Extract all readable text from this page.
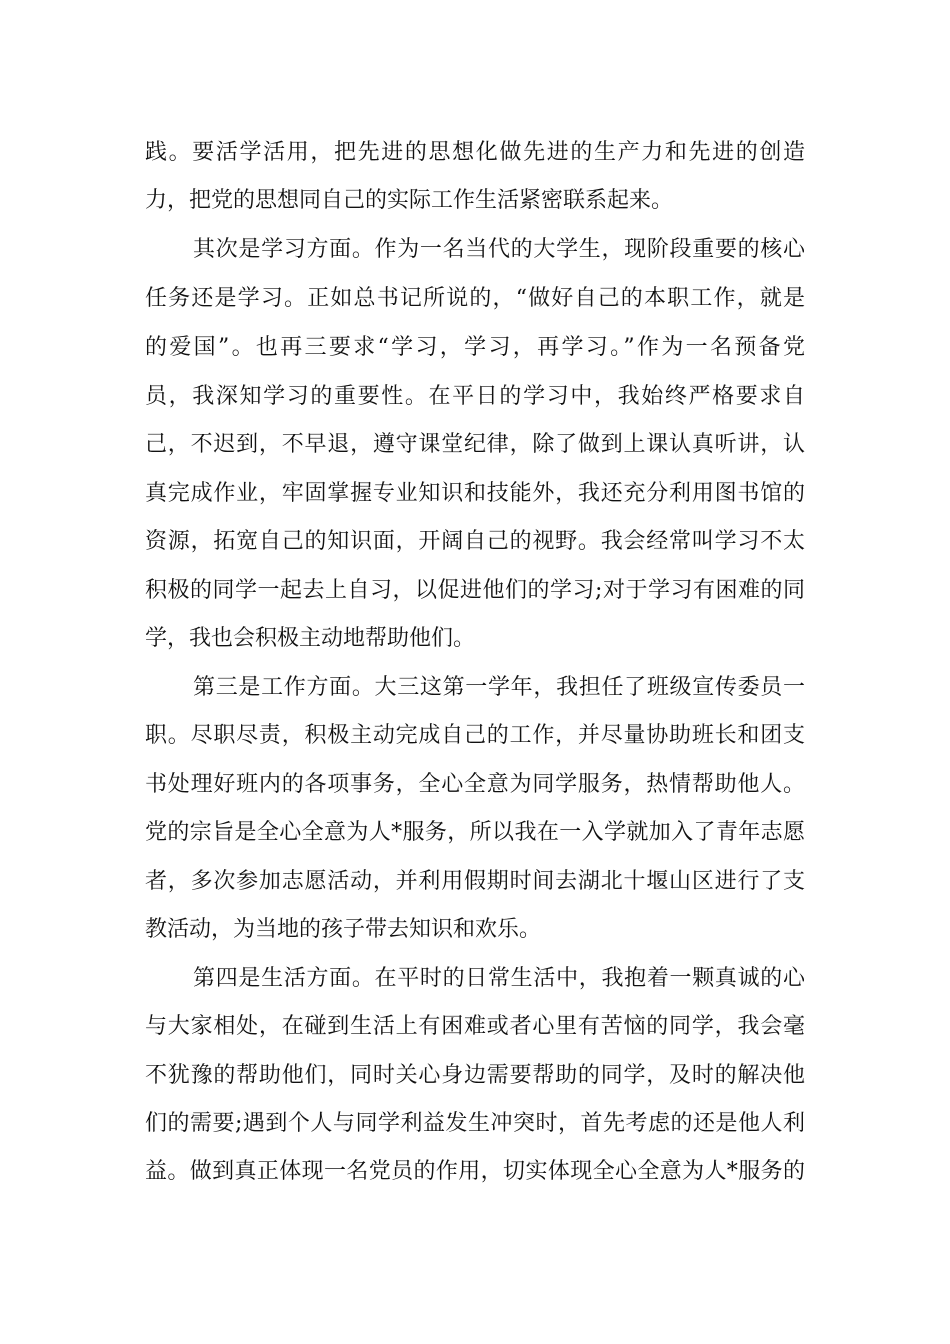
践。要活学活用，把先进的思想化做先进的生产力和先进的创造
力，把党的思想同自己的实际工作生活紧密联系起来。
其次是学习方面。作为一名当代的大学生，现阶段重要的核心
任务还是学习。正如总书记所说的，“做好自己的本职工作，就是
的爱国”。也再三要求“学习，学习，再学习。”作为一名预备党
员，我深知学习的重要性。在平日的学习中，我始终严格要求自
己，不迟到，不早退，遵守课堂纪律，除了做到上课认真听讲，认
真完成作业，牢固掌握专业知识和技能外，我还充分利用图书馆的
资源，拓宽自己的知识面，开阔自己的视野。我会经常叫学习不太
积极的同学一起去上自习，以促进他们的学习;对于学习有困难的同
学，我也会积极主动地帮助他们。
第三是工作方面。大三这第一学年，我担任了班级宣传委员一
职。尽职尽责，积极主动完成自己的工作，并尽量协助班长和团支
书处理好班内的各项事务，全心全意为同学服务，热情帮助他人。
党的宗旨是全心全意为人*服务，所以我在一入学就加入了青年志愿
者，多次参加志愿活动，并利用假期时间去湖北十堰山区进行了支
教活动，为当地的孩子带去知识和欢乐。
第四是生活方面。在平时的日常生活中，我抱着一颗真诚的心
与大家相处，在碰到生活上有困难或者心里有苦恼的同学，我会毫
不犹豫的帮助他们，同时关心身边需要帮助的同学，及时的解决他
们的需要;遇到个人与同学利益发生冲突时，首先考虑的还是他人利
益。做到真正体现一名党员的作用，切实体现全心全意为人*服务的
